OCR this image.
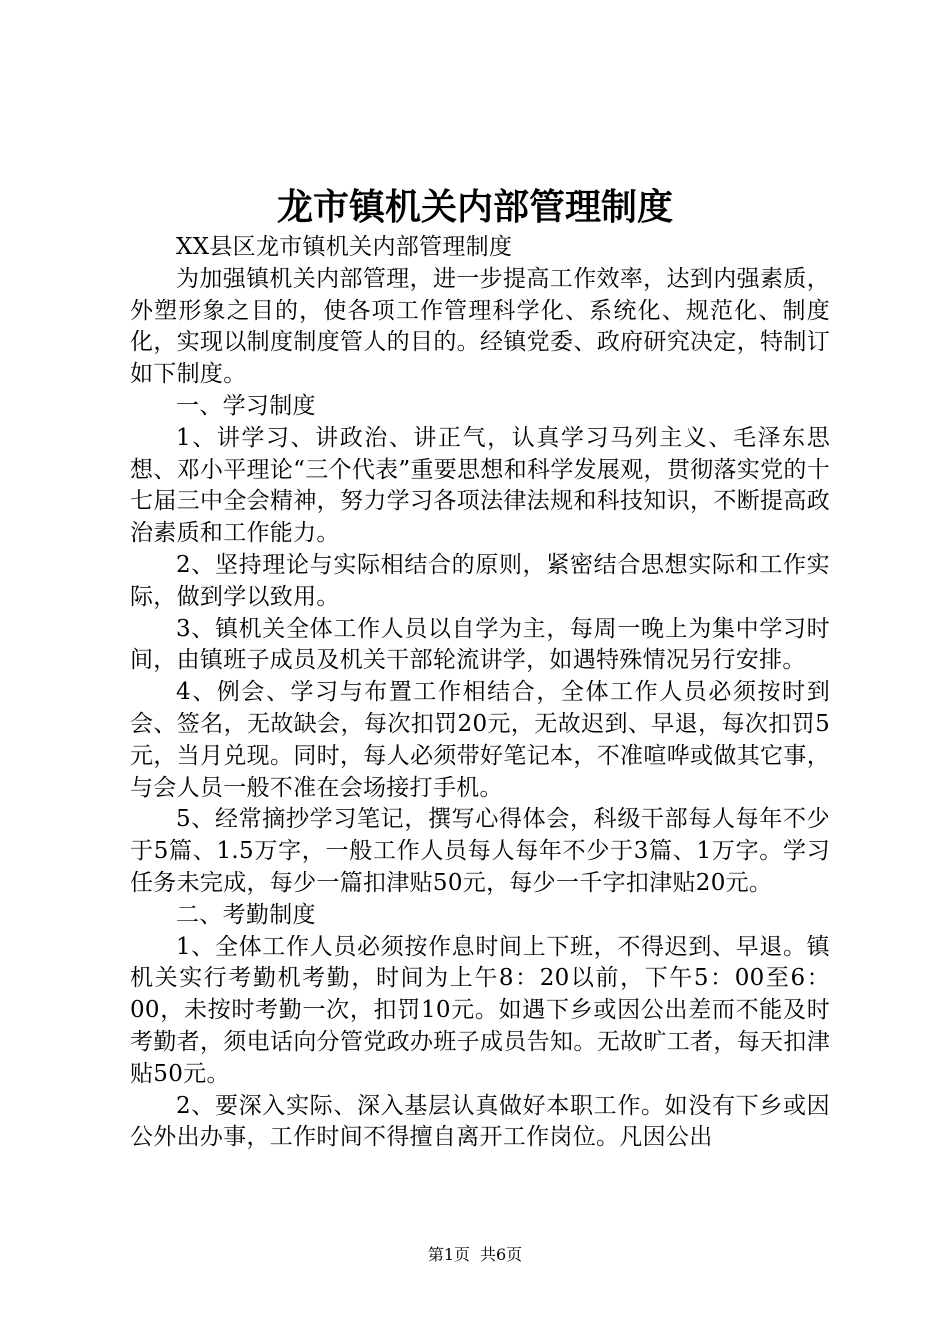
龙市镇机关内部管理制度

XX县区龙市镇机关内部管理制度

为加强镇机关内部管理，进一步提高工作效率，达到内强素质，外塑形象之目的，使各项工作管理科学化、系统化、规范化、制度化，实现以制度制度管人的目的。经镇党委、政府研究决定，特制订如下制度。

一、学习制度

1、讲学习、讲政治、讲正气，认真学习马列主义、毛泽东思想、邓小平理论“三个代表”重要思想和科学发展观，贯彻落实党的十七届三中全会精神，努力学习各项法律法规和科技知识，不断提高政治素质和工作能力。

2、坚持理论与实际相结合的原则，紧密结合思想实际和工作实际，做到学以致用。

3、镇机关全体工作人员以自学为主，每周一晚上为集中学习时间，由镇班子成员及机关干部轮流讲学，如遇特殊情况另行安排。

4、例会、学习与布置工作相结合，全体工作人员必须按时到会、签名，无故缺会，每次扣罚20元，无故迟到、早退，每次扣罚5元，当月兑现。同时，每人必须带好笔记本，不准喧哗或做其它事，与会人员一般不准在会场接打手机。

5、经常摘抄学习笔记，撰写心得体会，科级干部每人每年不少于5篇、1.5万字，一般工作人员每人每年不少于3篇、1万字。学习任务未完成，每少一篇扣津贴50元，每少一千字扣津贴20元。

二、考勤制度

1、全体工作人员必须按作息时间上下班，不得迟到、早退。镇机关实行考勤机考勤，时间为上午8：20以前，下午5：00至6：00，未按时考勤一次，扣罚10元。如遇下乡或因公出差而不能及时考勤者，须电话向分管党政办班子成员告知。无故旷工者，每天扣津贴50元。

2、要深入实际、深入基层认真做好本职工作。如没有下乡或因公外出办事，工作时间不得擅自离开工作岗位。凡因公出

第1页 共6页
